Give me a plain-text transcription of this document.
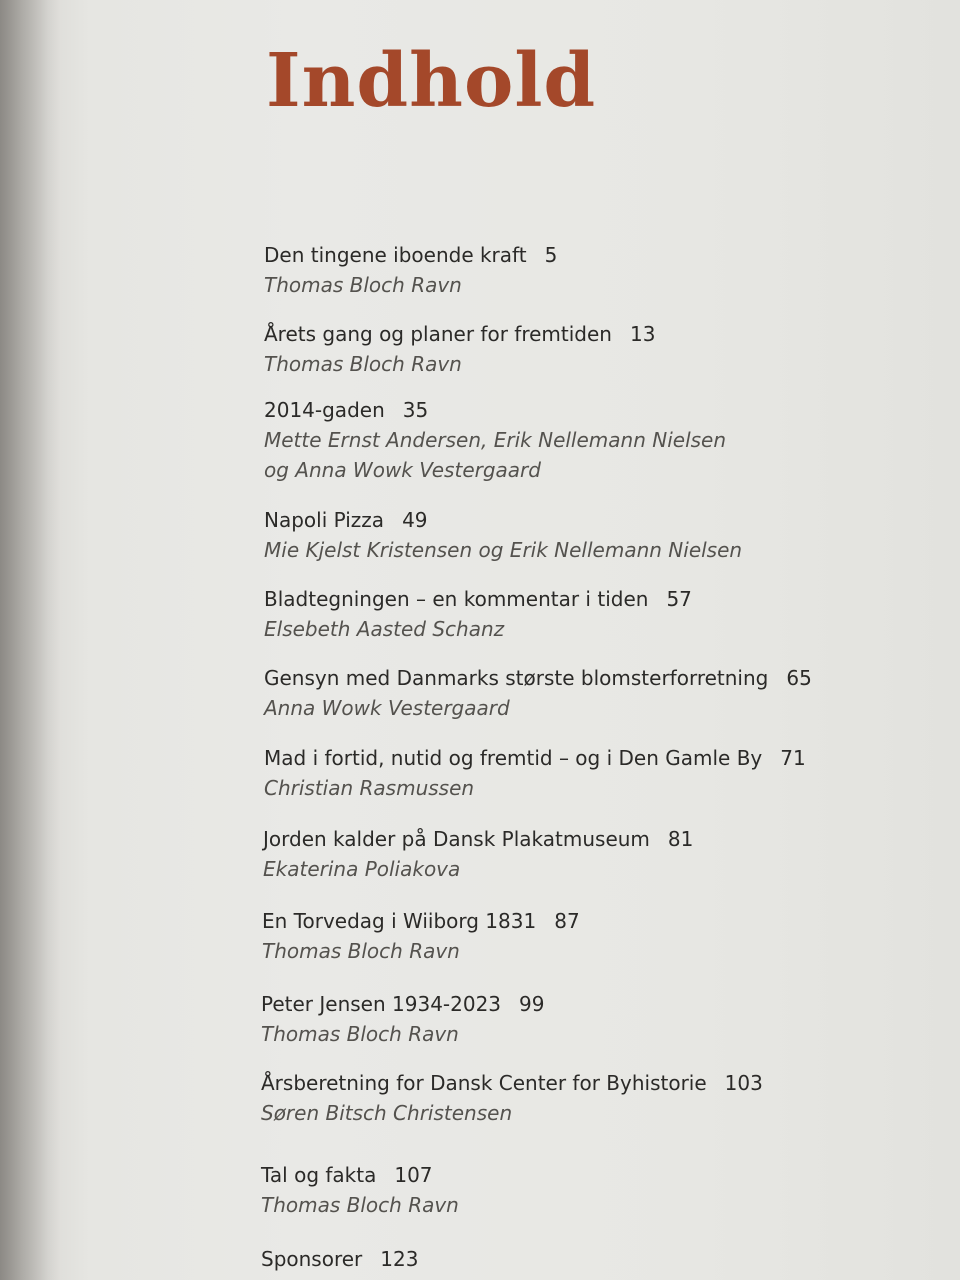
Indhold
Den tingene iboende kraft 5
Thomas Bloch Ravn
Årets gang og planer for fremtiden 13
Thomas Bloch Ravn
2014-gaden 35
Mette Ernst Andersen, Erik Nellemann Nielsen
og Anna Wowk Vestergaard
Napoli Pizza 49
Mie Kjelst Kristensen og Erik Nellemann Nielsen
Bladtegningen – en kommentar i tiden 57
Elsebeth Aasted Schanz
Gensyn med Danmarks største blomsterforretning 65
Anna Wowk Vestergaard
Mad i fortid, nutid og fremtid – og i Den Gamle By 71
Christian Rasmussen
Jorden kalder på Dansk Plakatmuseum 81
Ekaterina Poliakova
En Torvedag i Wiiborg 1831 87
Thomas Bloch Ravn
Peter Jensen 1934-2023 99
Thomas Bloch Ravn
Årsberetning for Dansk Center for Byhistorie 103
Søren Bitsch Christensen
Tal og fakta 107
Thomas Bloch Ravn
Sponsorer 123
